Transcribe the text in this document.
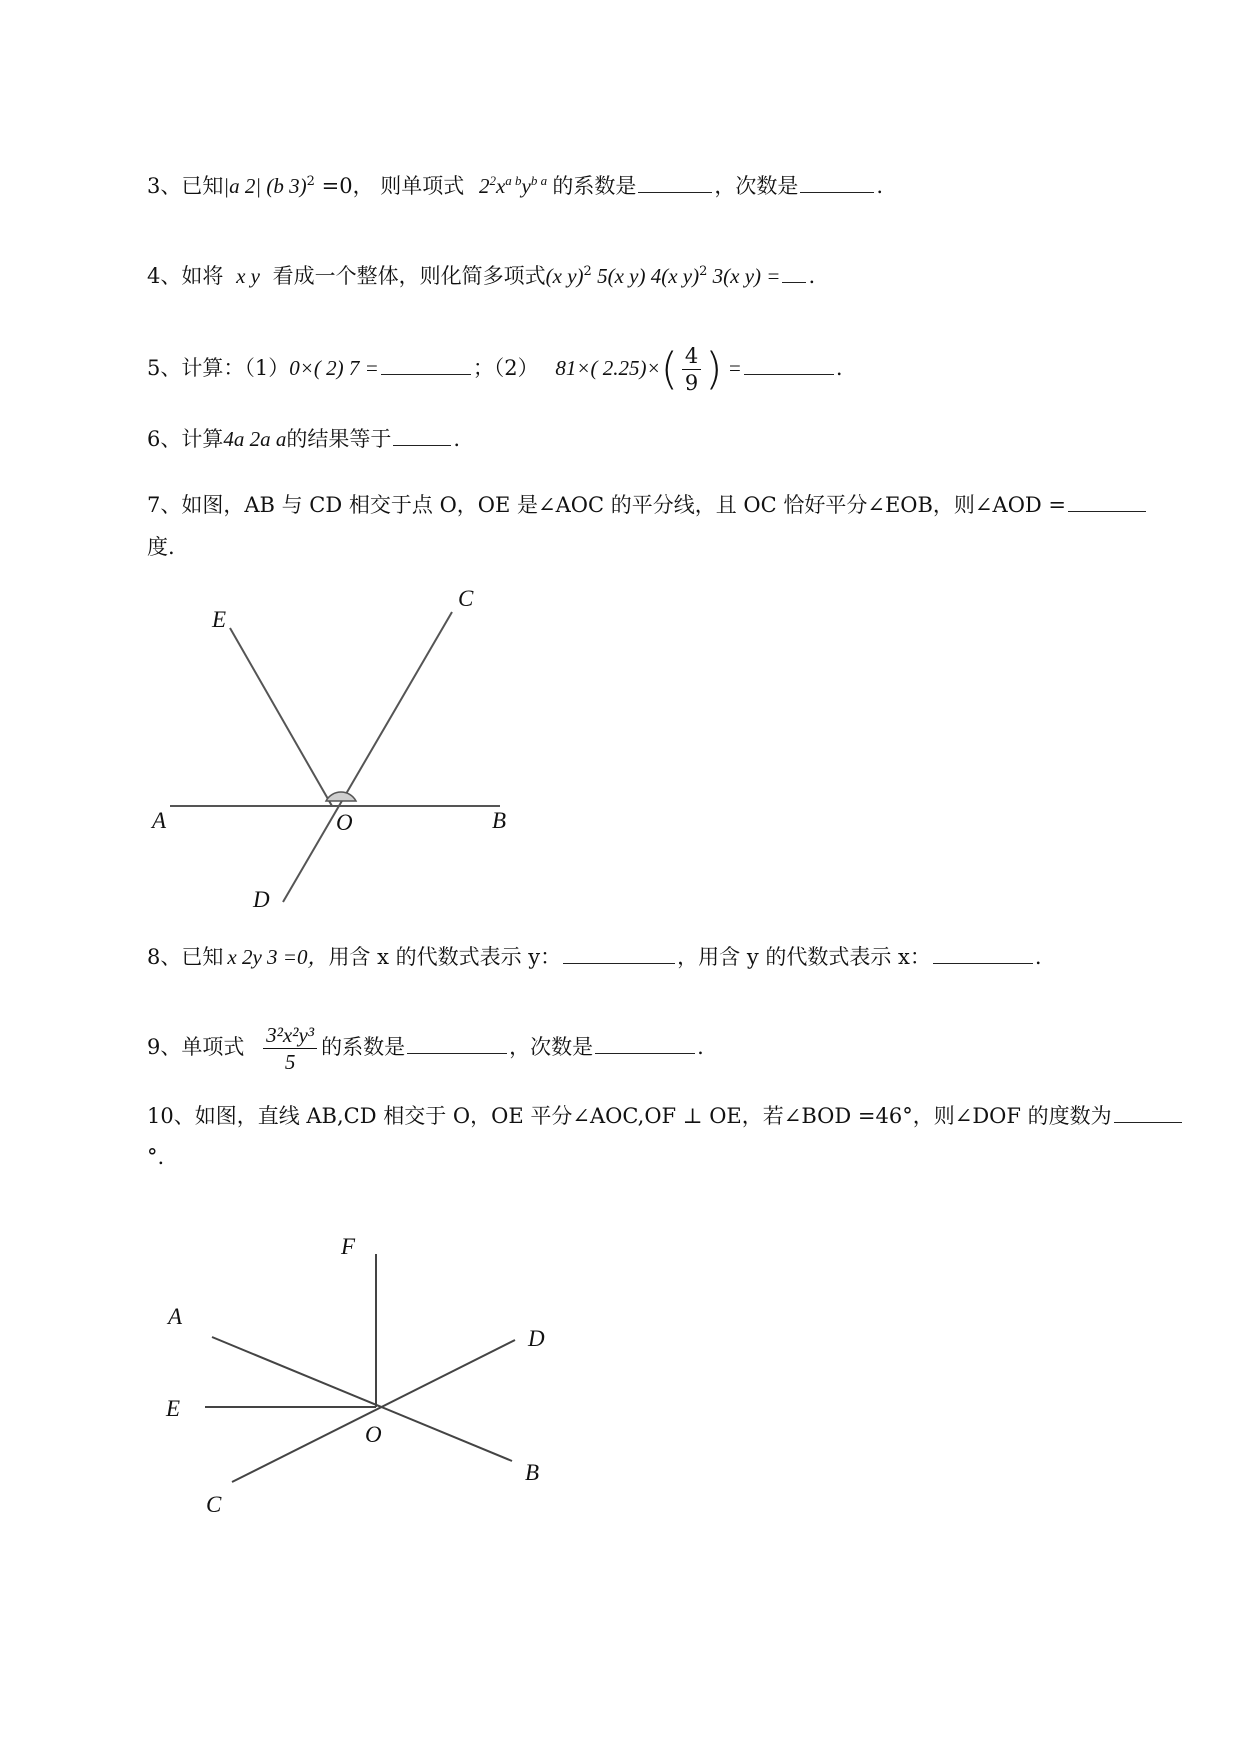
3、已知|a 2| (b 3)$^2$ =0， 则单项式 $2^2x^{a b}y^{b a}$ 的系数是	，次数是	.
4、如将 x y 看成一个整体，则化简多项式(x y)$^2$ 5(x y) 4(x y)$^2$ 3(x y) = .
5、计算：（1）0×( 2) 7 =	；（2） 81×( $2.25)\times( \frac{4}{9}$ ) =	.
6、计算4a 2a a的结果等于	.
7、如图，AB 与 CD 相交于点 O，OE 是∠AOC 的平分线，且 OC 恰好平分∠EOB，则∠AOD =
度.
E
C
A	O	B
D
8、已知 x 2y 3 =0，用含 x 的代数式表示 y：	，用含 y 的代数式表示 x：	.
9、单项式 $\frac{\text{3²x²y³}}{5}$ 的系数是	，次数是	.
10、如图，直线 AB,CD 相交于 O，OE 平分∠AOC,OF ⊥ OE，若∠BOD =46°，则∠DOF 的度数为
°.
F
A
D
E
O
B
C
